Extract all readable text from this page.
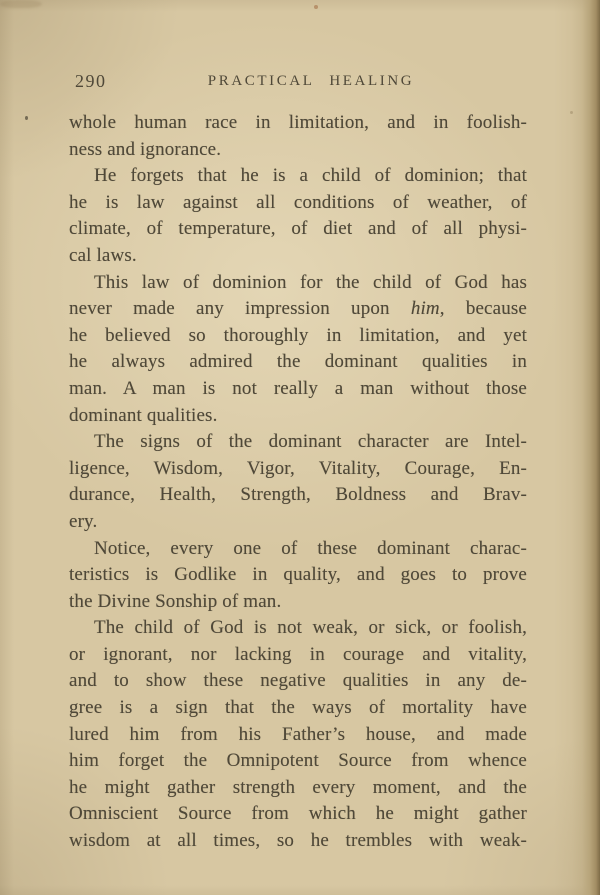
290	PRACTICAL HEALING
whole human race in limitation, and in foolish-
ness and ignorance.
He forgets that he is a child of dominion; that
he is law against all conditions of weather, of
climate, of temperature, of diet and of all physi-
cal laws.
This law of dominion for the child of God has
never made any impression upon him, because
he believed so thoroughly in limitation, and yet
he always admired the dominant qualities in
man. A man is not really a man without those
dominant qualities.
The signs of the dominant character are Intel-
ligence, Wisdom, Vigor, Vitality, Courage, En-
durance, Health, Strength, Boldness and Brav-
ery.
Notice, every one of these dominant charac-
teristics is Godlike in quality, and goes to prove
the Divine Sonship of man.
The child of God is not weak, or sick, or foolish,
or ignorant, nor lacking in courage and vitality,
and to show these negative qualities in any de-
gree is a sign that the ways of mortality have
lured him from his Father’s house, and made
him forget the Omnipotent Source from whence
he might gather strength every moment, and the
Omniscient Source from which he might gather
wisdom at all times, so he trembles with weak-
